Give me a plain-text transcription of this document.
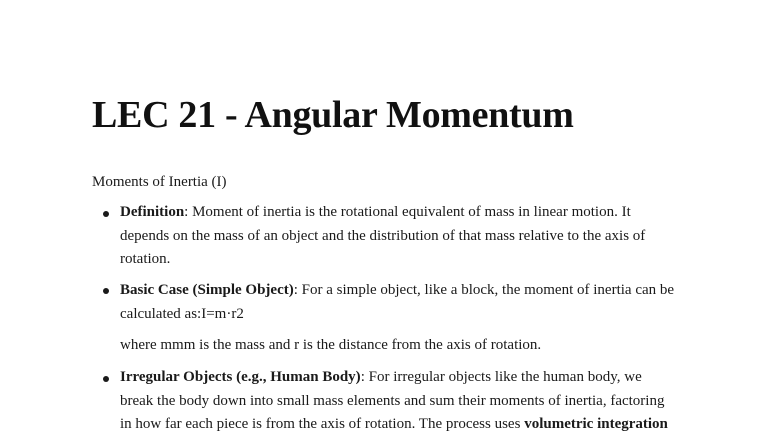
LEC 21 - Angular Momentum

Moments of Inertia (I)

Definition: Moment of inertia is the rotational equivalent of mass in linear motion. It
depends on the mass of an object and the distribution of that mass relative to the axis of
rotation.
Basic Case (Simple Object): For a simple object, like a block, the moment of inertia can be
calculated as:I=m·r2

where mmm is the mass and r is the distance from the axis of rotation.

Irregular Objects (e.g., Human Body): For irregular objects like the human body, we
break the body down into small mass elements and sum their moments of inertia, factoring
in how far each piece is from the axis of rotation. The process uses volumetric integration
